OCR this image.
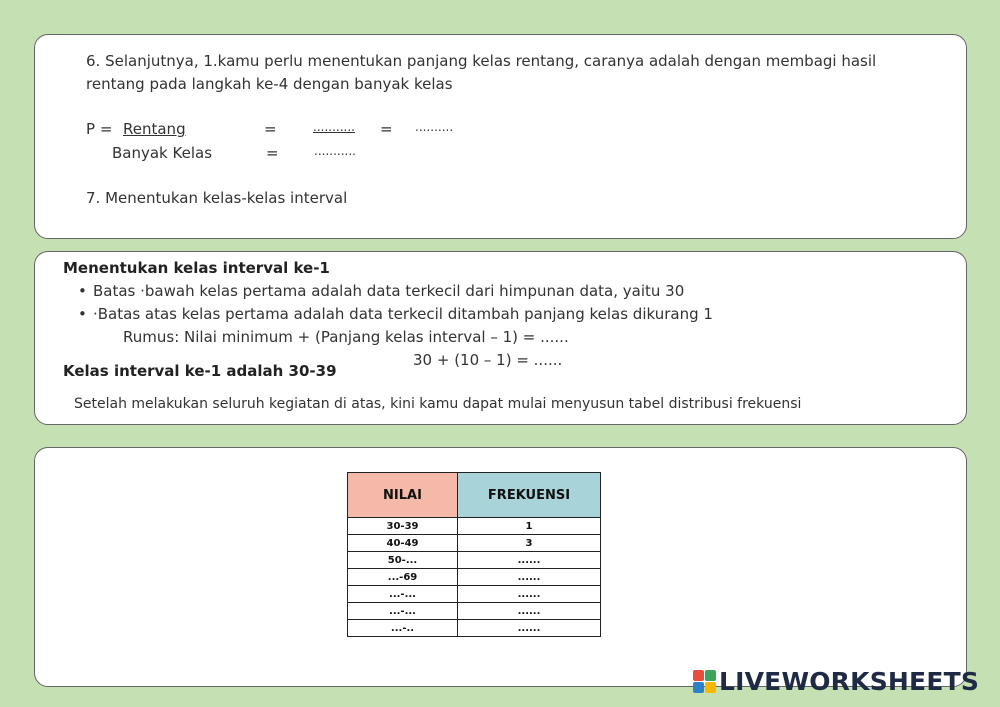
6. Selanjutnya, 1.kamu perlu menentukan panjang kelas rentang, caranya adalah dengan membagi hasil
rentang pada langkah ke-4 dengan banyak kelas
P = Rentang	=	........... = ..........
Banyak Kelas	=	...........
7. Menentukan kelas-kelas interval
Menentukan kelas interval ke-1
• Batas ·bawah kelas pertama adalah data terkecil dari himpunan data, yaitu 30
• ·Batas atas kelas pertama adalah data terkecil ditambah panjang kelas dikurang 1
Rumus: Nilai minimum + (Panjang kelas interval – 1) = ......
30 + (10 – 1) = ......
Kelas interval ke-1 adalah 30-39
Setelah melakukan seluruh kegiatan di atas, kini kamu dapat mulai menyusun tabel distribusi frekuensi
NILAI	FREKUENSI
30-39	1
40-49	3
50-...	......
...-69	......
...-...	......
...-...	......
...-..	......
LIVEWORKSHEETS
